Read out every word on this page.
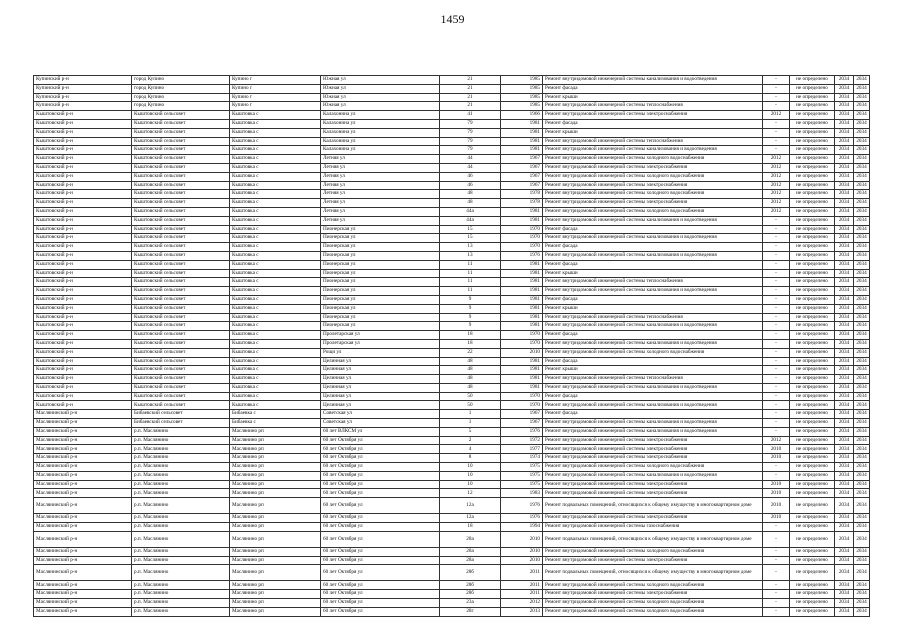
1459
Купинский р-н	город Купино	Купино г	Южная ул	21	1985	Ремонт внутридомовой инженерной системы канализования и водоотведения	-	не определено	2034	2034
Купинский р-н	город Купино	Купино г	Южная ул	21	1985	Ремонт фасада	-	не определено	2034	2034
Купинский р-н	город Купино	Купино г	Южная ул	21	1985	Ремонт крыши	-	не определено	2034	2034
Купинский р-н	город Купино	Купино г	Южная ул	21	1985	Ремонт внутридомовой инженерной системы теплоснабжения	-	не определено	2034	2034
Кыштовский р-н	Кыштовский сельсовет	Кыштовка с	Калахонина ул	41	1966	Ремонт внутридомовой инженерной системы электроснабжения	2012	не определено	2034	2034
Кыштовский р-н	Кыштовский сельсовет	Кыштовка с	Калахонина ул	79	1981	Ремонт фасада	-	не определено	2034	2034
Кыштовский р-н	Кыштовский сельсовет	Кыштовка с	Калахонина ул	79	1981	Ремонт крыши	-	не определено	2034	2034
Кыштовский р-н	Кыштовский сельсовет	Кыштовка с	Калахонина ул	79	1981	Ремонт внутридомовой инженерной системы теплоснабжения	-	не определено	2034	2034
Кыштовский р-н	Кыштовский сельсовет	Кыштовка с	Калахонина ул	79	1981	Ремонт внутридомовой инженерной системы канализования и водоотведения	-	не определено	2034	2034
Кыштовский р-н	Кыштовский сельсовет	Кыштовка с	Летняя ул	44	1967	Ремонт внутридомовой инженерной системы холодного водоснабжения	2012	не определено	2034	2034
Кыштовский р-н	Кыштовский сельсовет	Кыштовка с	Летняя ул	44	1967	Ремонт внутридомовой инженерной системы электроснабжения	2012	не определено	2034	2034
Кыштовский р-н	Кыштовский сельсовет	Кыштовка с	Летняя ул	46	1967	Ремонт внутридомовой инженерной системы холодного водоснабжения	2012	не определено	2034	2034
Кыштовский р-н	Кыштовский сельсовет	Кыштовка с	Летняя ул	46	1967	Ремонт внутридомовой инженерной системы электроснабжения	2012	не определено	2034	2034
Кыштовский р-н	Кыштовский сельсовет	Кыштовка с	Летняя ул	48	1978	Ремонт внутридомовой инженерной системы холодного водоснабжения	2012	не определено	2034	2034
Кыштовский р-н	Кыштовский сельсовет	Кыштовка с	Летняя ул	48	1978	Ремонт внутридомовой инженерной системы электроснабжения	2012	не определено	2034	2034
Кыштовский р-н	Кыштовский сельсовет	Кыштовка с	Летняя ул	44а	1981	Ремонт внутридомовой инженерной системы холодного водоснабжения	2012	не определено	2034	2034
Кыштовский р-н	Кыштовский сельсовет	Кыштовка с	Летняя ул	44а	1981	Ремонт внутридомовой инженерной системы канализования и водоотведения	-	не определено	2034	2034
Кыштовский р-н	Кыштовский сельсовет	Кыштовка с	Пионерская ул	15	1970	Ремонт фасада	-	не определено	2034	2034
Кыштовский р-н	Кыштовский сельсовет	Кыштовка с	Пионерская ул	15	1970	Ремонт внутридомовой инженерной системы канализования и водоотведения	-	не определено	2034	2034
Кыштовский р-н	Кыштовский сельсовет	Кыштовка с	Пионерская ул	13	1970	Ремонт фасада	-	не определено	2034	2034
Кыштовский р-н	Кыштовский сельсовет	Кыштовка с	Пионерская ул	13	1976	Ремонт внутридомовой инженерной системы канализования и водоотведения	-	не определено	2034	2034
Кыштовский р-н	Кыштовский сельсовет	Кыштовка с	Пионерская ул	11	1981	Ремонт фасада	-	не определено	2034	2034
Кыштовский р-н	Кыштовский сельсовет	Кыштовка с	Пионерская ул	11	1981	Ремонт крыши	-	не определено	2034	2034
Кыштовский р-н	Кыштовский сельсовет	Кыштовка с	Пионерская ул	11	1981	Ремонт внутридомовой инженерной системы теплоснабжения	-	не определено	2034	2034
Кыштовский р-н	Кыштовский сельсовет	Кыштовка с	Пионерская ул	11	1981	Ремонт внутридомовой инженерной системы канализования и водоотведения	-	не определено	2034	2034
Кыштовский р-н	Кыштовский сельсовет	Кыштовка с	Пионерская ул	9	1981	Ремонт фасада	-	не определено	2034	2034
Кыштовский р-н	Кыштовский сельсовет	Кыштовка с	Пионерская ул	9	1981	Ремонт крыши	-	не определено	2034	2034
Кыштовский р-н	Кыштовский сельсовет	Кыштовка с	Пионерская ул	9	1981	Ремонт внутридомовой инженерной системы теплоснабжения	-	не определено	2034	2034
Кыштовский р-н	Кыштовский сельсовет	Кыштовка с	Пионерская ул	9	1981	Ремонт внутридомовой инженерной системы канализования и водоотведения	-	не определено	2034	2034
Кыштовский р-н	Кыштовский сельсовет	Кыштовка с	Пролетарская ул	18	1970	Ремонт фасада	-	не определено	2034	2034
Кыштовский р-н	Кыштовский сельсовет	Кыштовка с	Пролетарская ул	18	1970	Ремонт внутридомовой инженерной системы канализования и водоотведения	-	не определено	2034	2034
Кыштовский р-н	Кыштовский сельсовет	Кыштовка с	Рощи ул	22	2010	Ремонт внутридомовой инженерной системы холодного водоснабжения	-	не определено	2034	2034
Кыштовский р-н	Кыштовский сельсовет	Кыштовка с	Целинная ул	48	1981	Ремонт фасада	-	не определено	2034	2034
Кыштовский р-н	Кыштовский сельсовет	Кыштовка с	Целинная ул	48	1981	Ремонт крыши	-	не определено	2034	2034
Кыштовский р-н	Кыштовский сельсовет	Кыштовка с	Целинная ул	48	1981	Ремонт внутридомовой инженерной системы теплоснабжения	-	не определено	2034	2034
Кыштовский р-н	Кыштовский сельсовет	Кыштовка с	Целинная ул	48	1981	Ремонт внутридомовой инженерной системы канализования и водоотведения	-	не определено	2034	2034
Кыштовский р-н	Кыштовский сельсовет	Кыштовка с	Целинная ул	50	1970	Ремонт фасада	-	не определено	2034	2034
Кыштовский р-н	Кыштовский сельсовет	Кыштовка с	Целинная ул	50	1970	Ремонт внутридомовой инженерной системы канализования и водоотведения	-	не определено	2034	2034
Маслянинский р-н	Бибаевский сельсовет	Бибаевка с	Советская ул	1	1967	Ремонт фасада	-	не определено	2034	2034
Маслянинский р-н	Бибаевский сельсовет	Бибаевка с	Советская ул	1	1967	Ремонт внутридомовой инженерной системы канализования и водоотведения	-	не определено	2034	2034
Маслянинский р-н	р.п. Маслянино	Маслянино рп	60 лет ВЛКСМ ул	5	1976	Ремонт внутридомовой инженерной системы канализования и водоотведения	-	не определено	2034	2034
Маслянинский р-н	р.п. Маслянино	Маслянино рп	60 лет Октября ул	2	1972	Ремонт внутридомовой инженерной системы электроснабжения	2012	не определено	2034	2034
Маслянинский р-н	р.п. Маслянино	Маслянино рп	60 лет Октября ул	4	1977	Ремонт внутридомовой инженерной системы электроснабжения	2010	не определено	2034	2034
Маслянинский р-н	р.п. Маслянино	Маслянино рп	60 лет Октября ул	8	1974	Ремонт внутридомовой инженерной системы электроснабжения	2010	не определено	2034	2034
Маслянинский р-н	р.п. Маслянино	Маслянино рп	60 лет Октября ул	10	1975	Ремонт внутридомовой инженерной системы холодного водоснабжения	-	не определено	2034	2034
Маслянинский р-н	р.п. Маслянино	Маслянино рп	60 лет Октября ул	10	1975	Ремонт внутридомовой инженерной системы канализования и водоотведения	-	не определено	2034	2034
Маслянинский р-н	р.п. Маслянино	Маслянино рп	60 лет Октября ул	10	1975	Ремонт внутридомовой инженерной системы электроснабжения	2010	не определено	2034	2034
Маслянинский р-н	р.п. Маслянино	Маслянино рп	60 лет Октября ул	12	1983	Ремонт внутридомовой инженерной системы электроснабжения	2010	не определено	2034	2034
Маслянинский р-н	р.п. Маслянино	Маслянино рп	60 лет Октября ул	12а	1976	Ремонт подвальных помещений, относящихся к общему имуществу в многоквартирном доме	2010	не определено	2034	2034
Маслянинский р-н	р.п. Маслянино	Маслянино рп	60 лет Октября ул	12а	1976	Ремонт внутридомовой инженерной системы электроснабжения	2010	не определено	2034	2034
Маслянинский р-н	р.п. Маслянино	Маслянино рп	60 лет Октября ул	18	1994	Ремонт внутридомовой инженерной системы газоснабжения	-	не определено	2034	2034
Маслянинский р-н	р.п. Маслянино	Маслянино рп	60 лет Октября ул	28а	2010	Ремонт подвальных помещений, относящихся к общему имуществу в многоквартирном доме	-	не определено	2034	2034
Маслянинский р-н	р.п. Маслянино	Маслянино рп	60 лет Октября ул	28а	2010	Ремонт внутридомовой инженерной системы холодного водоснабжения	-	не определено	2034	2034
Маслянинский р-н	р.п. Маслянино	Маслянино рп	60 лет Октября ул	28а	2010	Ремонт внутридомовой инженерной системы электроснабжения	-	не определено	2034	2034
Маслянинский р-н	р.п. Маслянино	Маслянино рп	60 лет Октября ул	28б	2011	Ремонт подвальных помещений, относящихся к общему имуществу в многоквартирном доме	-	не определено	2034	2034
Маслянинский р-н	р.п. Маслянино	Маслянино рп	60 лет Октября ул	28б	2011	Ремонт внутридомовой инженерной системы холодного водоснабжения	-	не определено	2034	2034
Маслянинский р-н	р.п. Маслянино	Маслянино рп	60 лет Октября ул	28б	2011	Ремонт внутридомовой инженерной системы электроснабжения	-	не определено	2034	2034
Маслянинский р-н	р.п. Маслянино	Маслянино рп	60 лет Октября ул	23а	2012	Ремонт внутридомовой инженерной системы холодного водоснабжения	-	не определено	2034	2034
Маслянинский р-н	р.п. Маслянино	Маслянино рп	60 лет Октября ул	28г	2013	Ремонт внутридомовой инженерной системы холодного водоснабжения	-	не определено	2034	2034
